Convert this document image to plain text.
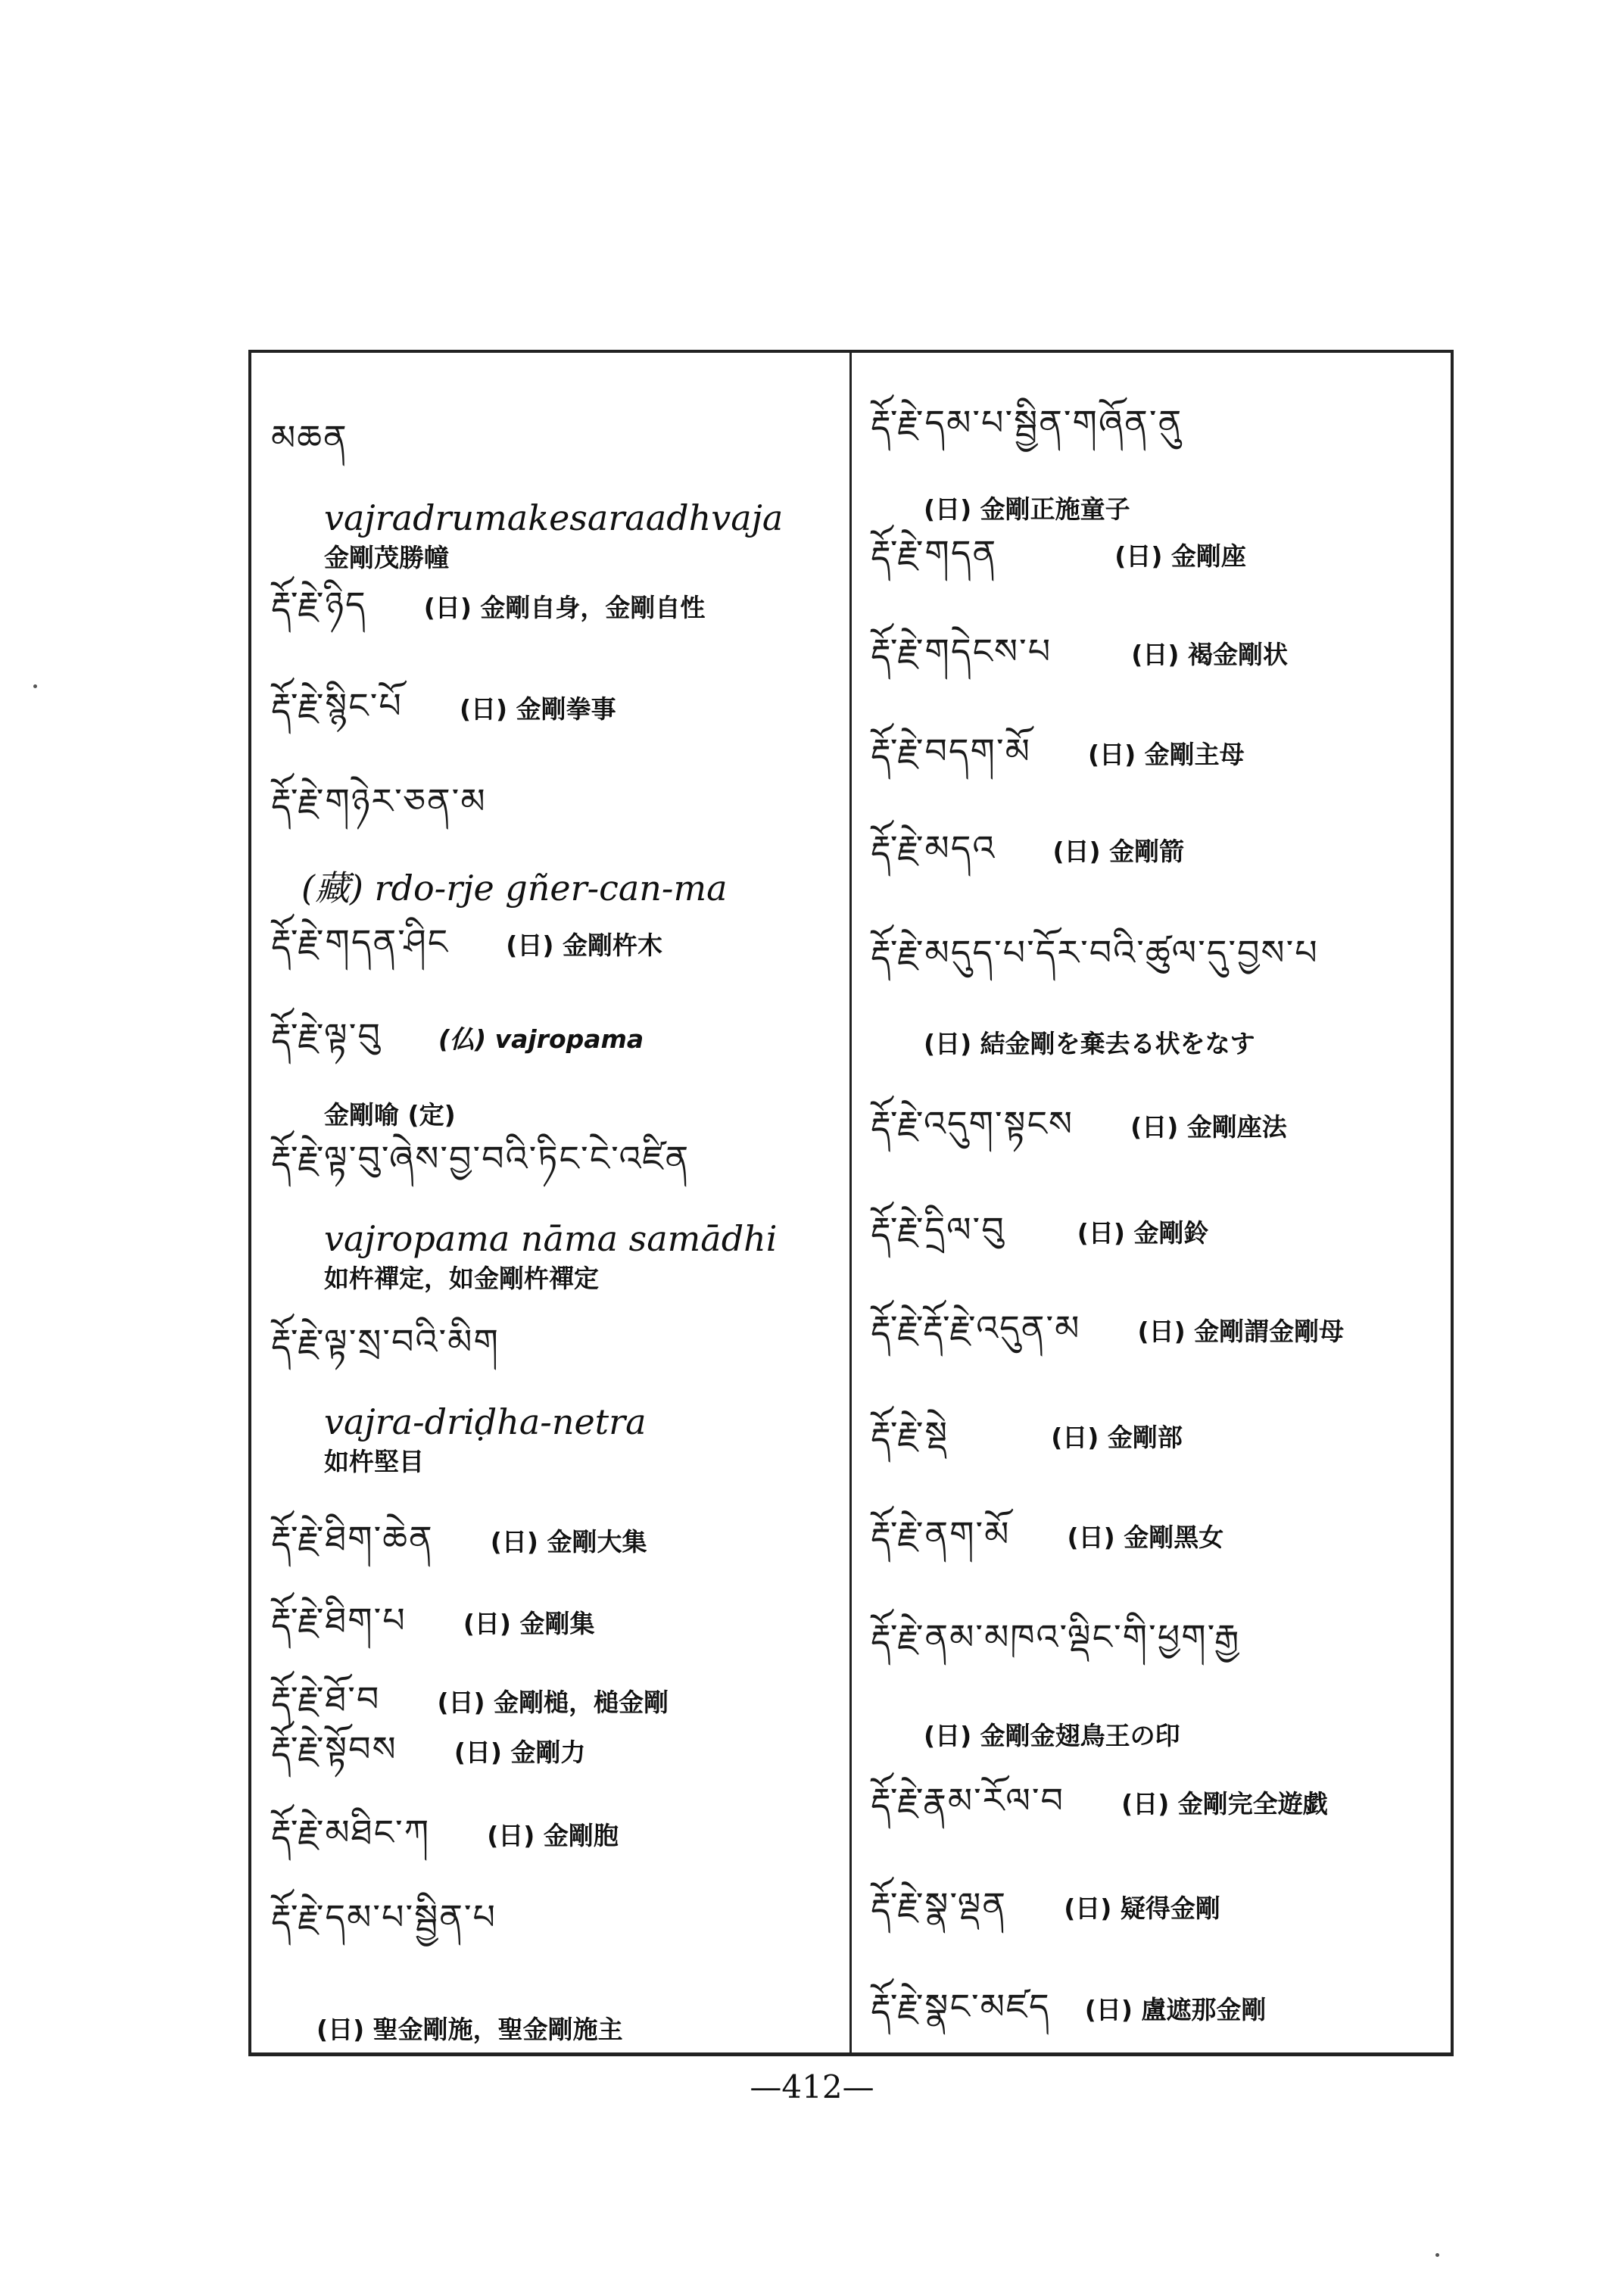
མཆན
vajradrumakesaraadhvaja
金剛茂勝幢
རྡོ་རྗེ་ཉིད (日) 金剛自身，金剛自性
རྡོ་རྗེ་སྙིང་པོ (日) 金剛拳事
རྡོ་རྗེ་གཉེར་ཅན་མ
(藏) rdo-rje gñer-can-ma
རྡོ་རྗེ་གདན་ཤིང (日) 金剛杵木
རྡོ་རྗེ་ལྟ་བུ (仏) vajropama
金剛喻 (定)
རྡོ་རྗེ་ལྟ་བུ་ཞེས་བྱ་བའི་ཏིང་ངེ་འཛིན
vajropama nāma samādhi
如杵禪定，如金剛杵禪定
རྡོ་རྗེ་ལྟ་སྲ་བའི་མིག
vajra-driḍha-netra
如杵堅目
རྡོ་རྗེ་ཐིག་ཆེན (日) 金剛大集
རྡོ་རྗེ་ཐིག་པ (日) 金剛集
རྡོ་རྗེ་ཐོ་བ (日) 金剛槌，槌金剛
རྡོ་རྗེ་སྟོབས (日) 金剛力
རྡོ་རྗེ་མཐིང་ཀ (日) 金剛胞
རྡོ་རྗེ་དམ་པ་སྦྱིན་པ
(日) 聖金剛施，聖金剛施主
རྡོ་རྗེ་དམ་པ་སྦྱིན་གཞོན་ནུ
(日) 金剛正施童子
རྡོ་རྗེ་གདན	(日) 金剛座
རྡོ་རྗེ་གདེངས་པ	(日) 褐金剛状
རྡོ་རྗེ་བདག་མོ (日) 金剛主母
རྡོ་རྗེ་མདའ (日) 金剛箭
རྡོ་རྗེ་མདུད་པ་དོར་བའི་ཚུལ་དུ་བྱས་པ
(日) 結金剛を棄去る状をなす
རྡོ་རྗེ་འདུག་སྟངས (日) 金剛座法
རྡོ་རྗེ་དྲིལ་བུ	(日) 金剛鈴
རྡོ་རྗེ་རྡོ་རྗེ་འདུན་མ (日) 金剛謂金剛母
རྡོ་རྗེ་སྡེ	(日) 金剛部
རྡོ་རྗེ་ནག་མོ (日) 金剛黑女
རྡོ་རྗེ་ནམ་མཁའ་ལྡིང་གི་ཕྱག་རྒྱ
(日) 金剛金翅鳥王の印
རྡོ་རྗེ་རྣམ་རོལ་བ (日) 金剛完全遊戯
རྡོ་རྗེ་སྣ་ལྡན (日) 疑得金剛
རྡོ་རྗེ་སྣང་མཛད (日) 盧遮那金剛
—412—
